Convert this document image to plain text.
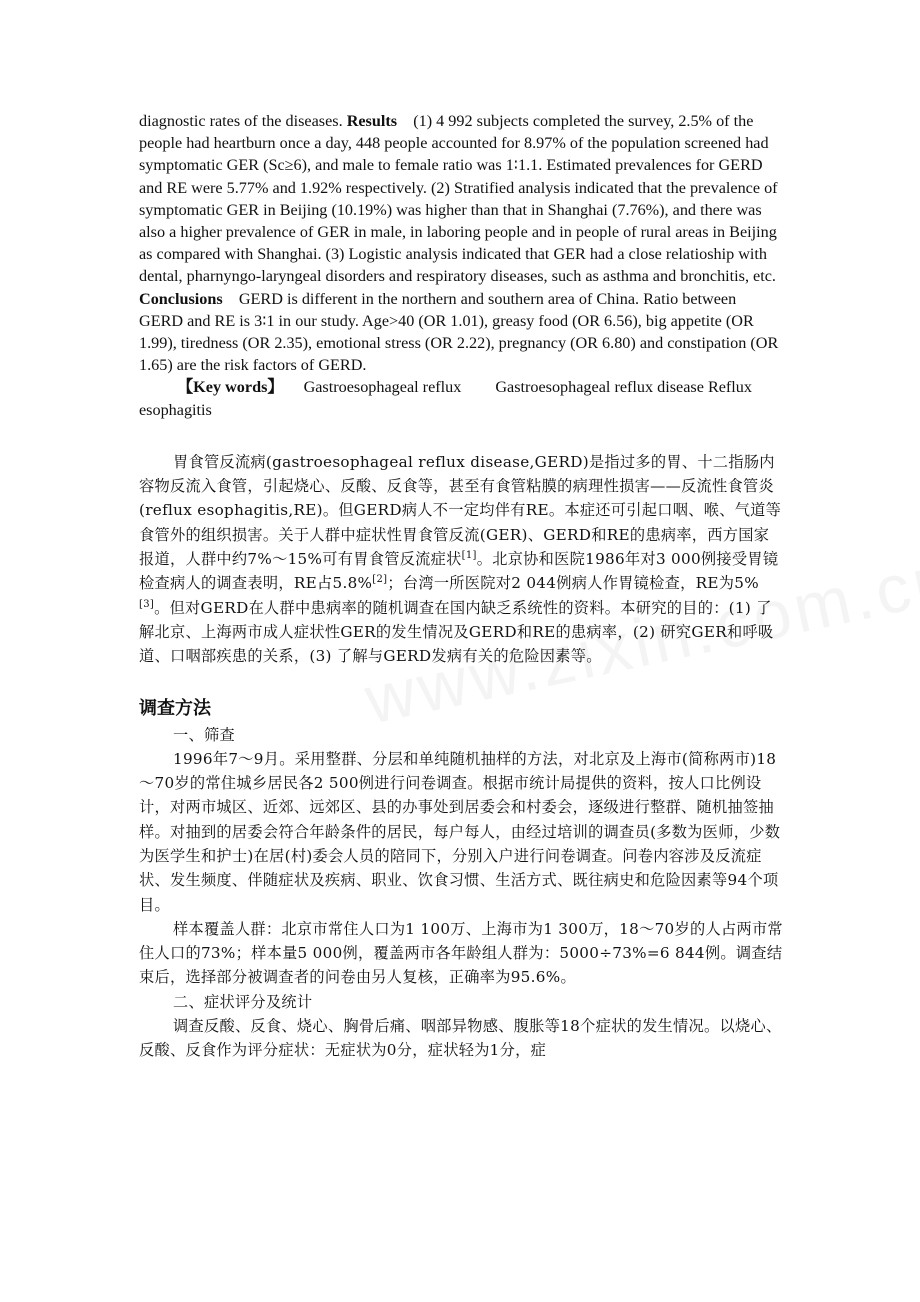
diagnostic rates of the diseases. Results    (1) 4 992 subjects completed the survey, 2.5% of the people had heartburn once a day, 448 people accounted for 8.97% of the population screened had symptomatic GER (Sc≥6), and male to female ratio was 1∶1.1. Estimated prevalences for GERD and RE were 5.77% and 1.92% respectively. (2) Stratified analysis indicated that the prevalence of symptomatic GER in Beijing (10.19%) was higher than that in Shanghai (7.76%), and there was also a higher prevalence of GER in male, in laboring people and in people of rural areas in Beijing as compared with Shanghai. (3) Logistic analysis indicated that GER had a close relatioship with dental, pharnyngo-laryngeal disorders and respiratory diseases, such as asthma and bronchitis, etc. Conclusions    GERD is different in the northern and southern area of China. Ratio between GERD and RE is 3∶1 in our study. Age>40 (OR 1.01), greasy food (OR 6.56), big appetite (OR 1.99), tiredness (OR 2.35), emotional stress (OR 2.22), pregnancy (OR 6.80) and constipation (OR 1.65) are the risk factors of GERD.

【Key words】 Gastroesophageal reflux Gastroesophageal reflux disease Reflux esophagitis

胃食管反流病(gastroesophageal reflux disease,GERD)是指过多的胃、十二指肠内容物反流入食管，引起烧心、反酸、反食等，甚至有食管粘膜的病理性损害——反流性食管炎(reflux esophagitis,RE)。但GERD病人不一定均伴有RE。本症还可引起口咽、喉、气道等食管外的组织损害。关于人群中症状性胃食管反流(GER)、GERD和RE的患病率，西方国家报道，人群中约7%～15%可有胃食管反流症状[1]。北京协和医院1986年对3 000例接受胃镜检查病人的调查表明，RE占5.8%[2]；台湾一所医院对2 044例病人作胃镜检查，RE为5%[3]。但对GERD在人群中患病率的随机调查在国内缺乏系统性的资料。本研究的目的：(1) 了解北京、上海两市成人症状性GER的发生情况及GERD和RE的患病率，(2) 研究GER和呼吸道、口咽部疾患的关系，(3) 了解与GERD发病有关的危险因素等。

调查方法

一、筛查

1996年7～9月。采用整群、分层和单纯随机抽样的方法，对北京及上海市(简称两市)18～70岁的常住城乡居民各2 500例进行问卷调查。根据市统计局提供的资料，按人口比例设计，对两市城区、近郊、远郊区、县的办事处到居委会和村委会，逐级进行整群、随机抽签抽样。对抽到的居委会符合年龄条件的居民，每户每人，由经过培训的调查员(多数为医师，少数为医学生和护士)在居(村)委会人员的陪同下，分别入户进行问卷调查。问卷内容涉及反流症状、发生频度、伴随症状及疾病、职业、饮食习惯、生活方式、既往病史和危险因素等94个项目。

样本覆盖人群：北京市常住人口为1 100万、上海市为1 300万，18～70岁的人占两市常住人口的73%；样本量5 000例，覆盖两市各年龄组人群为：5000÷73%=6 844例。调查结束后，选择部分被调查者的问卷由另人复核，正确率为95.6%。

二、症状评分及统计

调查反酸、反食、烧心、胸骨后痛、咽部异物感、腹胀等18个症状的发生情况。以烧心、反酸、反食作为评分症状：无症状为0分，症状轻为1分，症
